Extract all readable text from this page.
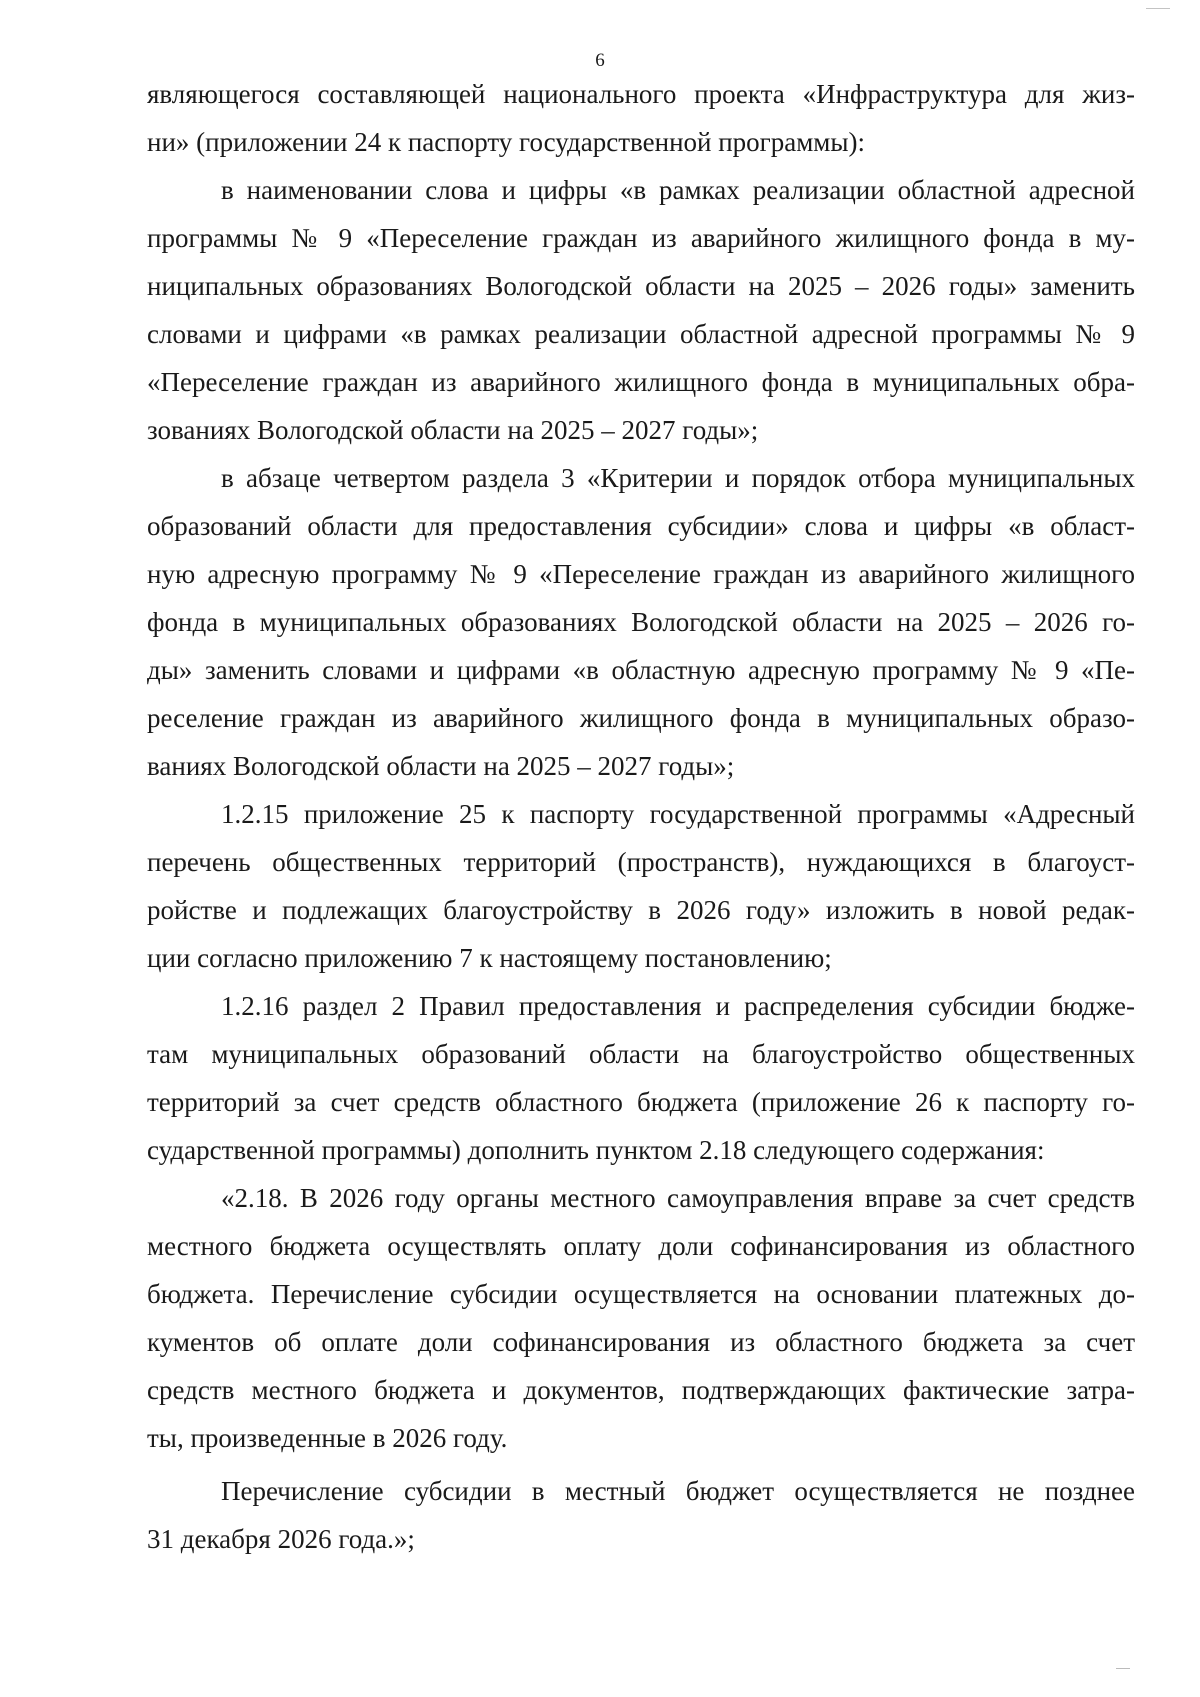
6
являющегося составляющей национального проекта «Инфраструктура для жиз-
ни» (приложении 24 к паспорту государственной программы):
в наименовании слова и цифры «в рамках реализации областной адресной
программы № 9 «Переселение граждан из аварийного жилищного фонда в му-
ниципальных образованиях Вологодской области на 2025 – 2026 годы» заменить
словами и цифрами «в рамках реализации областной адресной программы № 9
«Переселение граждан из аварийного жилищного фонда в муниципальных обра-
зованиях Вологодской области на 2025 – 2027 годы»;
в абзаце четвертом раздела 3 «Критерии и порядок отбора муниципальных
образований области для предоставления субсидии» слова и цифры «в област-
ную адресную программу № 9 «Переселение граждан из аварийного жилищного
фонда в муниципальных образованиях Вологодской области на 2025 – 2026 го-
ды» заменить словами и цифрами «в областную адресную программу № 9 «Пе-
реселение граждан из аварийного жилищного фонда в муниципальных образо-
ваниях Вологодской области на 2025 – 2027 годы»;
1.2.15 приложение 25 к паспорту государственной программы «Адресный
перечень общественных территорий (пространств), нуждающихся в благоуст-
ройстве и подлежащих благоустройству в 2026 году» изложить в новой редак-
ции согласно приложению 7 к настоящему постановлению;
1.2.16 раздел 2 Правил предоставления и распределения субсидии бюдже-
там муниципальных образований области на благоустройство общественных
территорий за счет средств областного бюджета (приложение 26 к паспорту го-
сударственной программы) дополнить пунктом 2.18 следующего содержания:
«2.18. В 2026 году органы местного самоуправления вправе за счет средств
местного бюджета осуществлять оплату доли софинансирования из областного
бюджета. Перечисление субсидии осуществляется на основании платежных до-
кументов об оплате доли софинансирования из областного бюджета за счет
средств местного бюджета и документов, подтверждающих фактические затра-
ты, произведенные в 2026 году.
Перечисление субсидии в местный бюджет осуществляется не позднее
31 декабря 2026 года.»;
